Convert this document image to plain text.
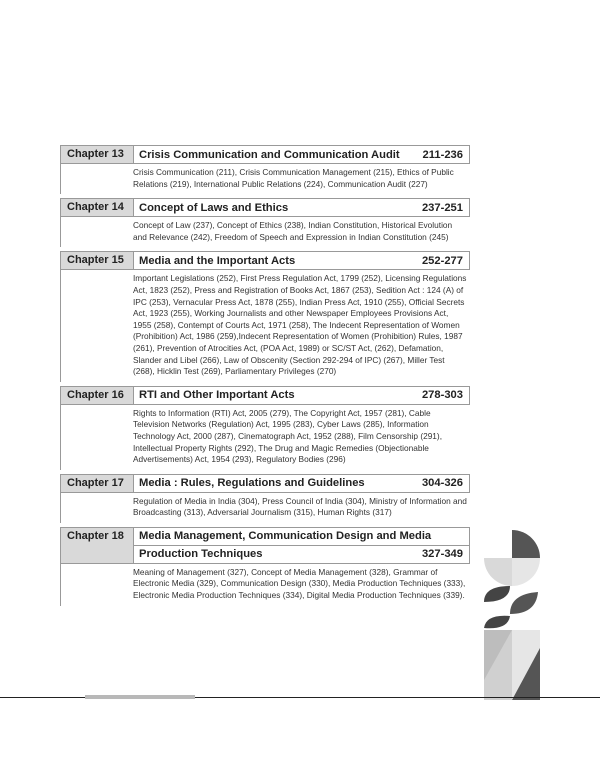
Chapter 13	Crisis Communication and Communication Audit	211-236
Crisis Communication (211), Crisis Communication Management (215), Ethics of Public Relations (219), International Public Relations (224), Communication Audit (227)
Chapter 14	Concept of Laws and Ethics	237-251
Concept of Law (237), Concept of Ethics (238), Indian Constitution, Historical Evolution and Relevance (242), Freedom of Speech and Expression in Indian Constitution (245)
Chapter 15	Media and the Important Acts	252-277
Important Legislations (252), First Press Regulation Act, 1799 (252), Licensing Regulations Act, 1823 (252), Press and Registration of Books Act, 1867 (253), Sedition Act : 124 (A) of IPC (253), Vernacular Press Act, 1878 (255), Indian Press Act, 1910 (255), Official Secrets Act, 1923 (255), Working Journalists and other Newspaper Employees Provisions Act, 1955 (258), Contempt of Courts Act, 1971 (258), The Indecent Representation of Women (Prohibition) Act, 1986 (259),Indecent Representation of Women (Prohibition) Rules, 1987 (261), Prevention of Atrocities Act, (POA Act, 1989) or SC/ST Act, (262), Defamation, Slander and Libel (266), Law of Obscenity (Section 292-294 of IPC) (267), Miller Test (268), Hicklin Test (269), Parliamentary Privileges (270)
Chapter 16	RTI and Other Important Acts	278-303
Rights to Information (RTI) Act, 2005 (279), The Copyright Act, 1957 (281), Cable Television Networks (Regulation) Act, 1995 (283), Cyber Laws (285), Information Technology Act, 2000 (287), Cinematograph Act, 1952 (288), Film Censorship (291), Intellectual Property Rights (292), The Drug and Magic Remedies (Objectionable Advertisements) Act, 1954 (293), Regulatory Bodies (296)
Chapter 17	Media : Rules, Regulations and Guidelines	304-326
Regulation of Media in India (304), Press Council of India (304), Ministry of Information and Broadcasting (313), Adversarial Journalism (315), Human Rights (317)
Chapter 18	Media Management, Communication Design and Media
Production Techniques	327-349
Meaning of Management (327), Concept of Media Management (328), Grammar of Electronic Media (329), Communication Design (330), Media Production Techniques (333), Electronic Media Production Techniques (334), Digital Media Production Techniques (339).
